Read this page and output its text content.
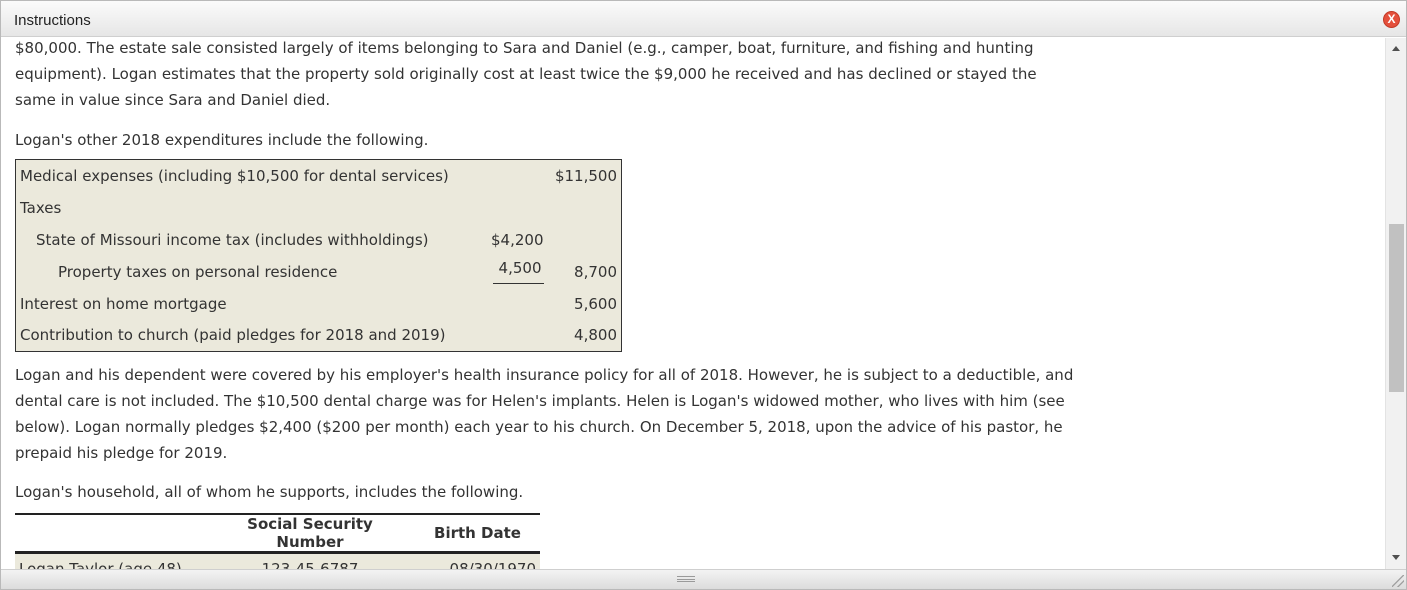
Instructions	X

$80,000. The estate sale consisted largely of items belonging to Sara and Daniel (e.g., camper, boat, furniture, and fishing and hunting equipment). Logan estimates that the property sold originally cost at least twice the $9,000 he received and has declined or stayed the same in value since Sara and Daniel died.

Logan's other 2018 expenditures include the following.

Medical expenses (including $10,500 for dental services)		$11,500
Taxes		
State of Missouri income tax (includes withholdings)	$4,200	
Property taxes on personal residence	4,500	8,700
Interest on home mortgage		5,600
Contribution to church (paid pledges for 2018 and 2019)		4,800

Logan and his dependent were covered by his employer's health insurance policy for all of 2018. However, he is subject to a deductible, and dental care is not included. The $10,500 dental charge was for Helen's implants. Helen is Logan's widowed mother, who lives with him (see below). Logan normally pledges $2,400 ($200 per month) each year to his church. On December 5, 2018, upon the advice of his pastor, he prepaid his pledge for 2019.

Logan's household, all of whom he supports, includes the following.

	Social Security Number	Birth Date
